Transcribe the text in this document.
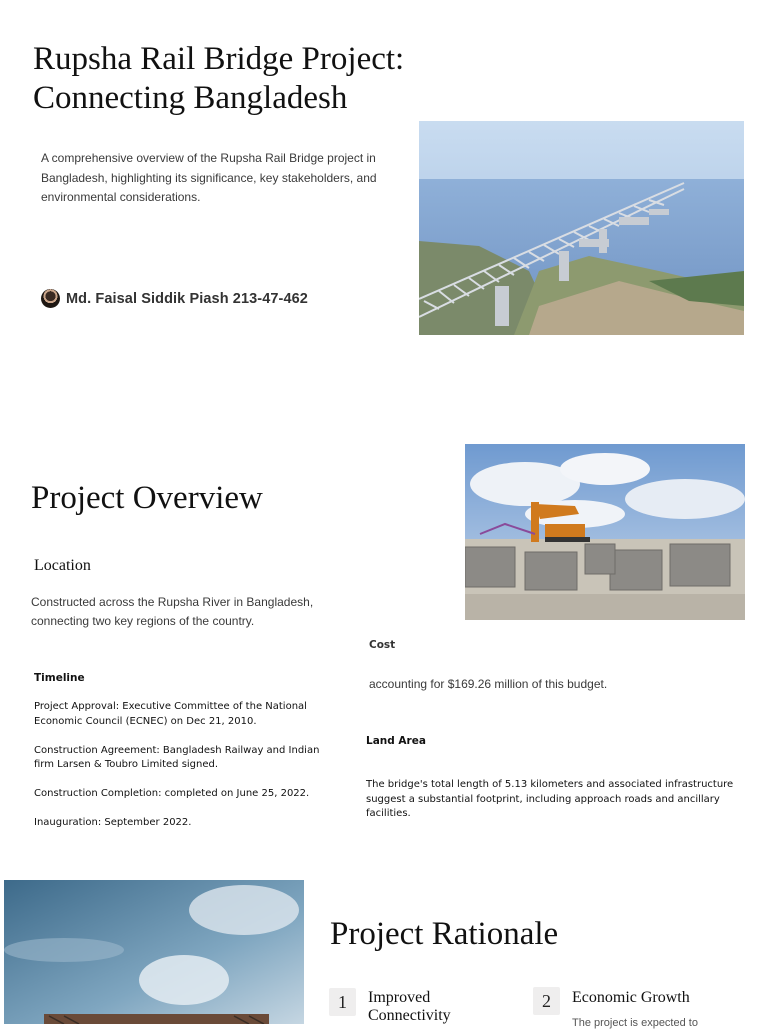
Rupsha Rail Bridge Project:
Connecting Bangladesh
A comprehensive overview of the Rupsha Rail Bridge project in Bangladesh, highlighting its significance, key stakeholders, and environmental considerations.
Md. Faisal Siddik Piash 213-47-462
Project Overview
Location
Constructed across the Rupsha River in Bangladesh, connecting two key regions of the country.
Timeline
Project Approval: Executive Committee of the National Economic Council (ECNEC) on Dec 21, 2010.
Construction Agreement: Bangladesh Railway and Indian firm Larsen & Toubro Limited signed.
Construction Completion: completed on June 25, 2022.
Inauguration: September 2022.
Cost
accounting for $169.26 million of this budget.
Land Area
The bridge's total length of 5.13 kilometers and associated infrastructure suggest a substantial footprint, including approach roads and ancillary facilities.
Project Rationale
1	Improved Connectivity
2	Economic Growth
The project is expected to
